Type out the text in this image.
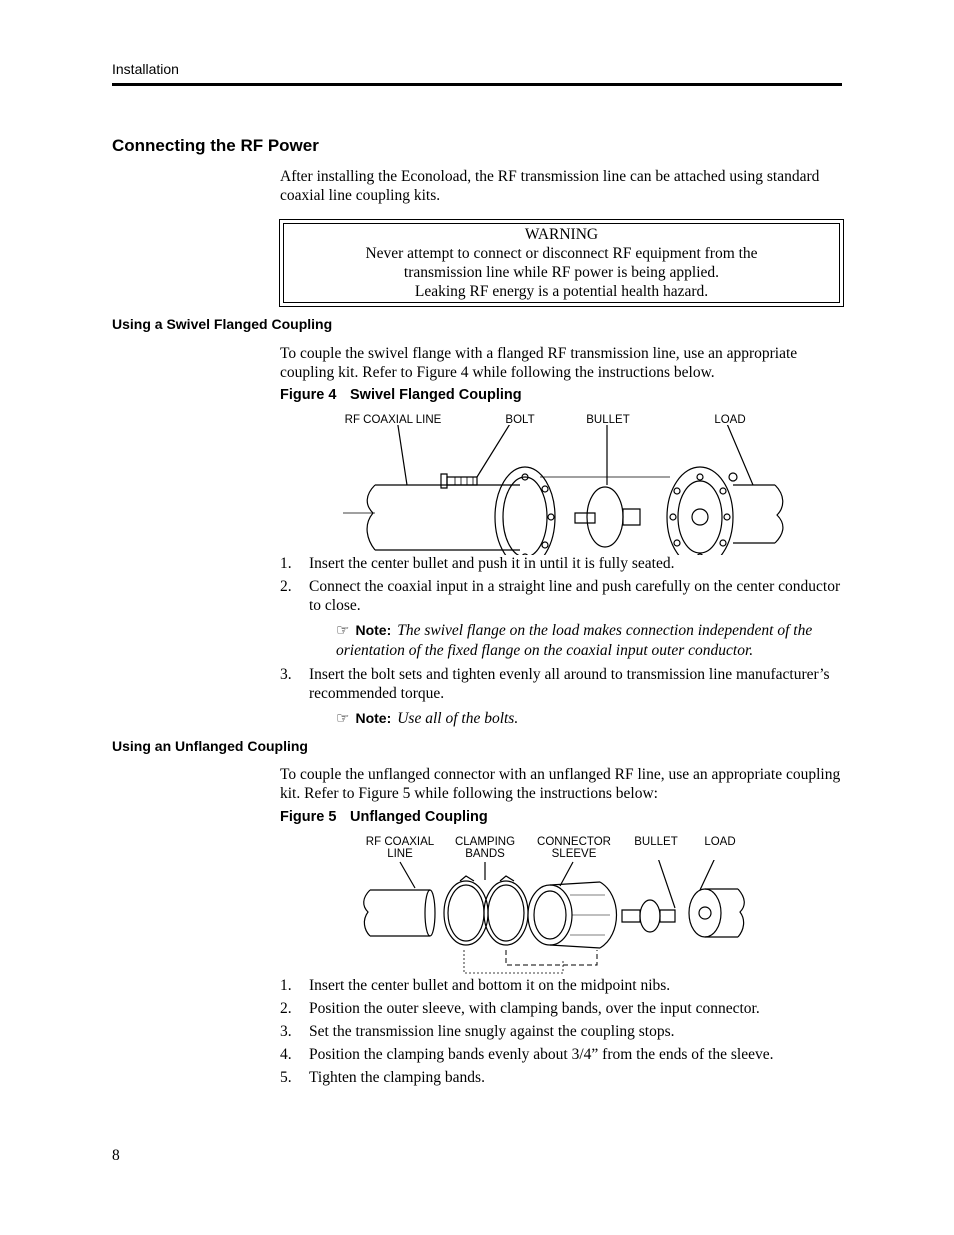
Installation
Connecting the RF Power

After installing the Econoload, the RF transmission line can be attached using standard coaxial line coupling kits.

WARNING
Never attempt to connect or disconnect RF equipment from the
transmission line while RF power is being applied.
Leaking RF energy is a potential health hazard.
Using a Swivel Flanged Coupling

To couple the swivel flange with a flanged RF transmission line, use an appropriate coupling kit. Refer to Figure 4 while following the instructions below.

Figure 4 Swivel Flanged Coupling
RF COAXIAL LINE	BOLT	BULLET	LOAD
1. Insert the center bullet and push it in until it is fully seated.
2. Connect the coaxial input in a straight line and push carefully on the center conductor to close.
☞ Note: The swivel flange on the load makes connection independent of the orientation of the fixed flange on the coaxial input outer conductor.
3. Insert the bolt sets and tighten evenly all around to transmission line manufacturer’s recommended torque.
☞ Note: Use all of the bolts.
Using an Unflanged Coupling

To couple the unflanged connector with an unflanged RF line, use an appropriate coupling kit. Refer to Figure 5 while following the instructions below:

Figure 5 Unflanged Coupling
RF COAXIAL
LINE
CLAMPING
BANDS
CONNECTOR
SLEEVE
BULLET	LOAD
1. Insert the center bullet and bottom it on the midpoint nibs.
2. Position the outer sleeve, with clamping bands, over the input connector.
3. Set the transmission line snugly against the coupling stops.
4. Position the clamping bands evenly about 3/4” from the ends of the sleeve.
5. Tighten the clamping bands.
8
